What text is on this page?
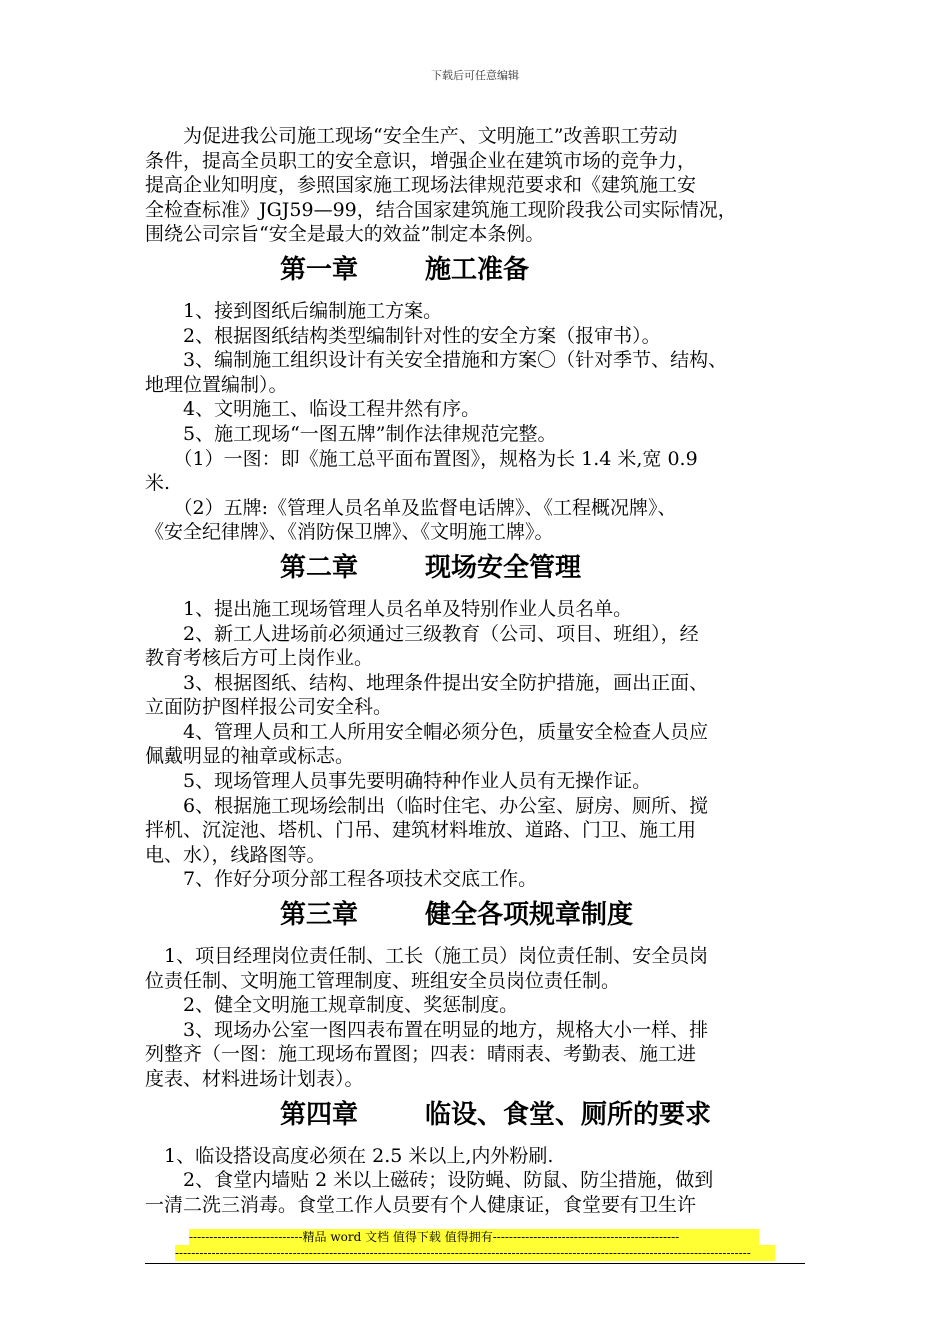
下载后可任意编辑

　　为促进我公司施工现场“安全生产、文明施工”改善职工劳动

条件，提高全员职工的安全意识，增强企业在建筑市场的竞争力，

提高企业知明度，参照国家施工现场法律规范要求和《建筑施工安

全检查标准》JGJ59—99，结合国家建筑施工现阶段我公司实际情况，

围绕公司宗旨“安全是最大的效益”制定本条例。

第一章	施工准备

　　1、接到图纸后编制施工方案。

　　2、根据图纸结构类型编制针对性的安全方案（报审书）。

　　3、编制施工组织设计有关安全措施和方案〇（针对季节、结构、

地理位置编制）。

　　4、文明施工、临设工程井然有序。

　　5、施工现场“一图五牌”制作法律规范完整。

　　（1）一图：即《施工总平面布置图》，规格为长 1.4 米,宽 0.9

米.

　　（2）五牌:《管理人员名单及监督电话牌》、《工程概况牌》、

《安全纪律牌》、《消防保卫牌》、《文明施工牌》。

第二章	现场安全管理

　　1、提出施工现场管理人员名单及特别作业人员名单。

　　2、新工人进场前必须通过三级教育（公司、项目、班组），经

教育考核后方可上岗作业。

　　3、根据图纸、结构、地理条件提出安全防护措施，画出正面、

立面防护图样报公司安全科。

　　4、管理人员和工人所用安全帽必须分色，质量安全检查人员应

佩戴明显的袖章或标志。

　　5、现场管理人员事先要明确特种作业人员有无操作证。

　　6、根据施工现场绘制出（临时住宅、办公室、厨房、厕所、搅

拌机、沉淀池、塔机、门吊、建筑材料堆放、道路、门卫、施工用

电、水），线路图等。

　　7、作好分项分部工程各项技术交底工作。

第三章	健全各项规章制度

　1、项目经理岗位责任制、工长（施工员）岗位责任制、安全员岗

位责任制、文明施工管理制度、班组安全员岗位责任制。

　　2、健全文明施工规章制度、奖惩制度。

　　3、现场办公室一图四表布置在明显的地方，规格大小一样、排

列整齐（一图：施工现场布置图；四表：晴雨表、考勤表、施工进

度表、材料进场计划表）。

第四章	临设、食堂、厕所的要求

　1、临设搭设高度必须在 2.5 米以上,内外粉刷.

　　2、食堂内墙贴 2 米以上磁砖；设防蝇、防鼠、防尘措施，做到

一清二洗三消毒。食堂工作人员要有个人健康证，食堂要有卫生许

----------------------------精品 word 文档 值得下载 值得拥有----------------------------------------------
----------------------------------------------------------------------------------------------------------------------------------------------
